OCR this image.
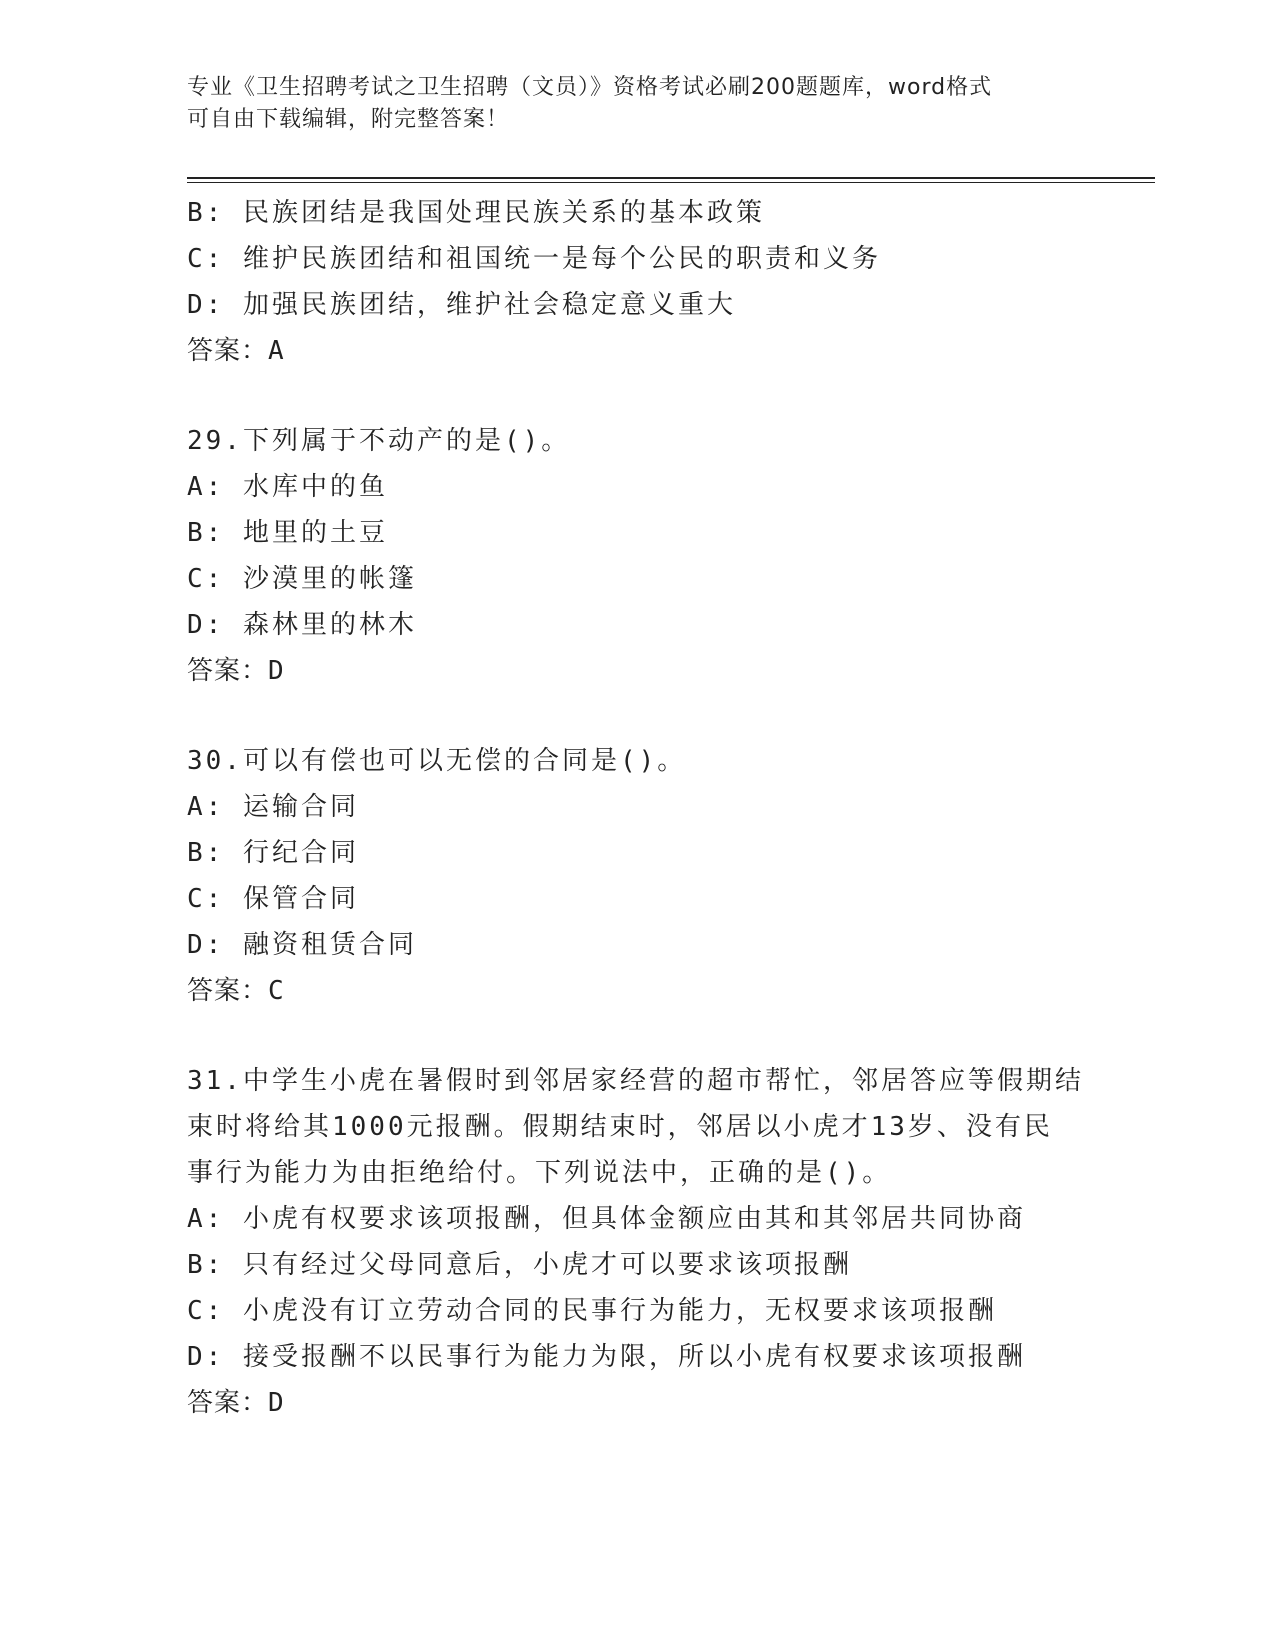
专业《卫生招聘考试之卫生招聘（文员）》资格考试必刷200题题库，word格式
可自由下载编辑，附完整答案！
B: 民族团结是我国处理民族关系的基本政策
C: 维护民族团结和祖国统一是每个公民的职责和义务
D: 加强民族团结，维护社会稳定意义重大
答案：A
29.下列属于不动产的是()。
A: 水库中的鱼
B: 地里的土豆
C: 沙漠里的帐篷
D: 森林里的林木
答案：D
30.可以有偿也可以无偿的合同是()。
A: 运输合同
B: 行纪合同
C: 保管合同
D: 融资租赁合同
答案：C
31.中学生小虎在暑假时到邻居家经营的超市帮忙，邻居答应等假期结
束时将给其1000元报酬。假期结束时，邻居以小虎才13岁、没有民
事行为能力为由拒绝给付。下列说法中，正确的是()。
A: 小虎有权要求该项报酬，但具体金额应由其和其邻居共同协商
B: 只有经过父母同意后，小虎才可以要求该项报酬
C: 小虎没有订立劳动合同的民事行为能力，无权要求该项报酬
D: 接受报酬不以民事行为能力为限，所以小虎有权要求该项报酬
答案：D
